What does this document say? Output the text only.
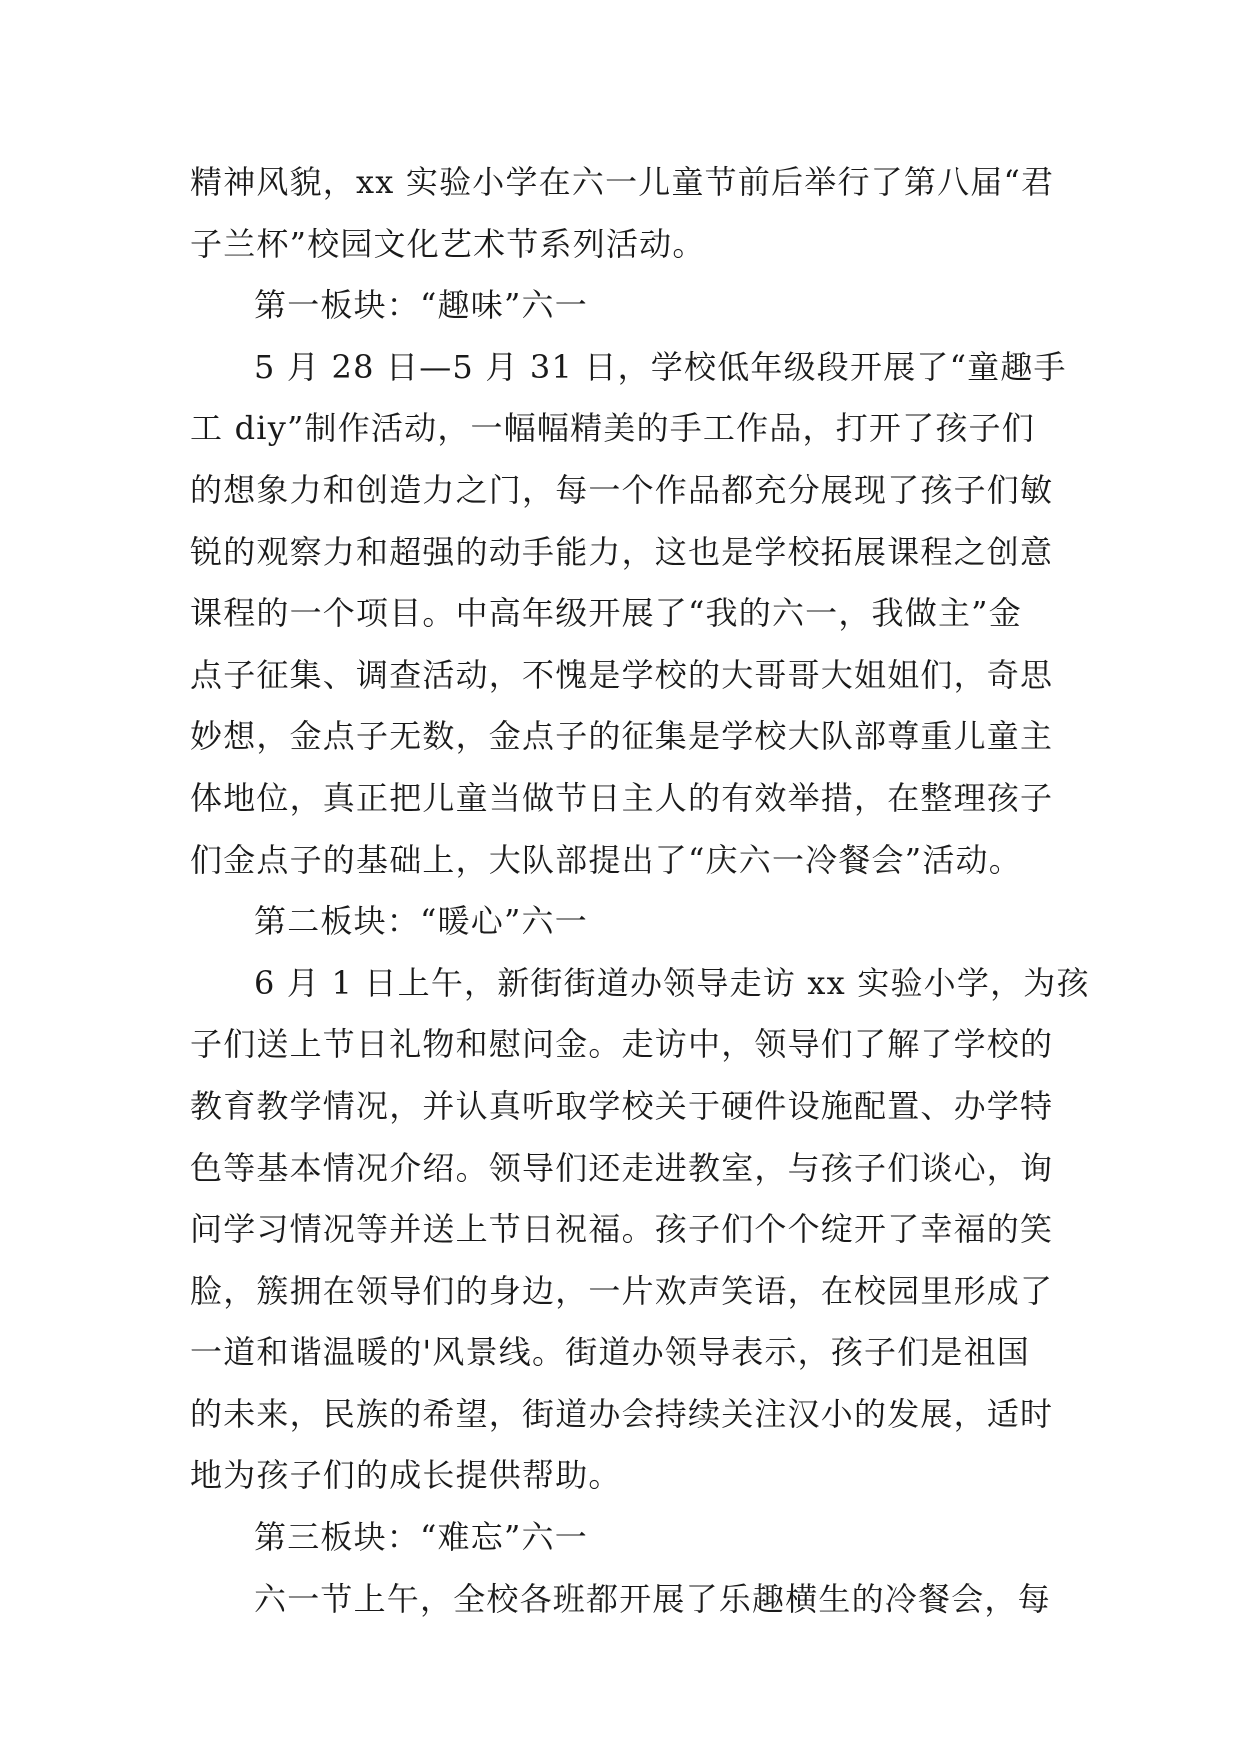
精神风貌，xx 实验小学在六一儿童节前后举行了第八届“君
子兰杯”校园文化艺术节系列活动。
第一板块：“趣味”六一
5 月 28 日—5 月 31 日，学校低年级段开展了“童趣手
工 diy”制作活动，一幅幅精美的手工作品，打开了孩子们
的想象力和创造力之门，每一个作品都充分展现了孩子们敏
锐的观察力和超强的动手能力，这也是学校拓展课程之创意
课程的一个项目。中高年级开展了“我的六一，我做主”金
点子征集、调查活动，不愧是学校的大哥哥大姐姐们，奇思
妙想，金点子无数，金点子的征集是学校大队部尊重儿童主
体地位，真正把儿童当做节日主人的有效举措，在整理孩子
们金点子的基础上，大队部提出了“庆六一冷餐会”活动。
第二板块：“暖心”六一
6 月 1 日上午，新街街道办领导走访 xx 实验小学，为孩
子们送上节日礼物和慰问金。走访中，领导们了解了学校的
教育教学情况，并认真听取学校关于硬件设施配置、办学特
色等基本情况介绍。领导们还走进教室，与孩子们谈心，询
问学习情况等并送上节日祝福。孩子们个个绽开了幸福的笑
脸，簇拥在领导们的身边，一片欢声笑语，在校园里形成了
一道和谐温暖的'风景线。街道办领导表示，孩子们是祖国
的未来，民族的希望，街道办会持续关注汉小的发展，适时
地为孩子们的成长提供帮助。
第三板块：“难忘”六一
六一节上午，全校各班都开展了乐趣横生的冷餐会，每
